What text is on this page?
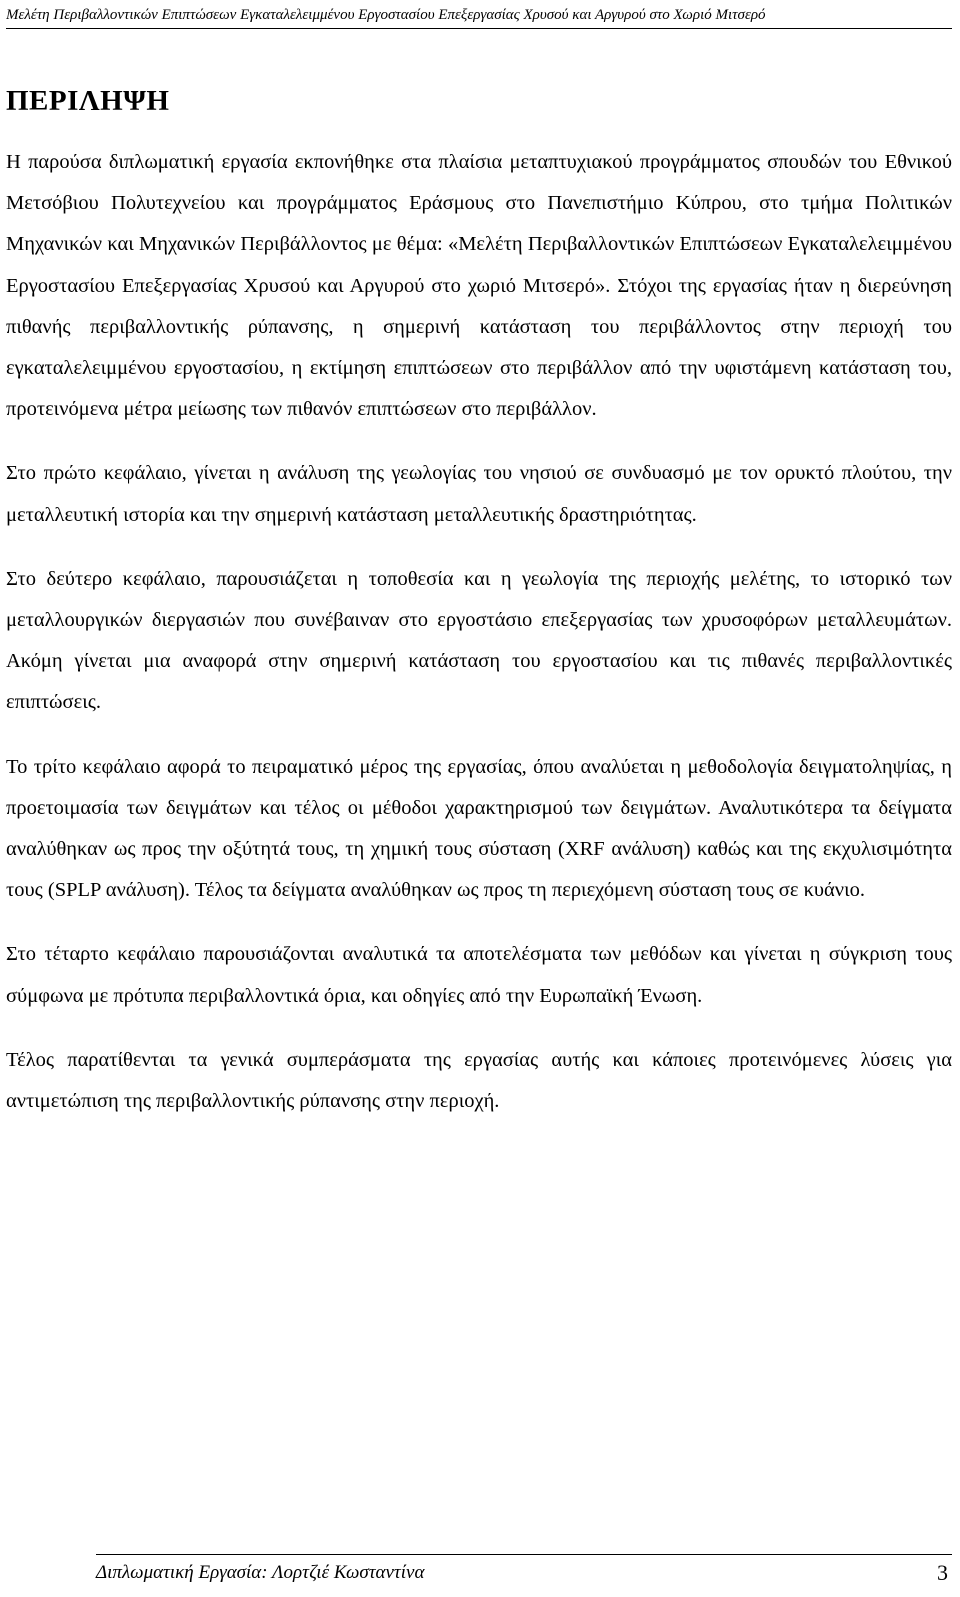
Μελέτη Περιβαλλοντικών Επιπτώσεων Εγκαταλελειμμένου Εργοστασίου Επεξεργασίας Χρυσού και Αργυρού στο Χωριό Μιτσερό
ΠΕΡΙΛΗΨΗ

Η παρούσα διπλωματική εργασία εκπονήθηκε στα πλαίσια μεταπτυχιακού προγράμματος σπουδών του Εθνικού Μετσόβιου Πολυτεχνείου και προγράμματος Εράσμους στο Πανεπιστήμιο Κύπρου, στο τμήμα Πολιτικών Μηχανικών και Μηχανικών Περιβάλλοντος με θέμα: «Μελέτη Περιβαλλοντικών Επιπτώσεων Εγκαταλελειμμένου Εργοστασίου Επεξεργασίας Χρυσού και Αργυρού στο χωριό Μιτσερό». Στόχοι της εργασίας ήταν η διερεύνηση πιθανής περιβαλλοντικής ρύπανσης, η σημερινή κατάσταση του περιβάλλοντος στην περιοχή του εγκαταλελειμμένου εργοστασίου, η εκτίμηση επιπτώσεων στο περιβάλλον από την υφιστάμενη κατάσταση του, προτεινόμενα μέτρα μείωσης των πιθανόν επιπτώσεων στο περιβάλλον.

Στο πρώτο κεφάλαιο, γίνεται η ανάλυση της γεωλογίας του νησιού σε συνδυασμό με τον ορυκτό πλούτου, την μεταλλευτική ιστορία και την σημερινή κατάσταση μεταλλευτικής δραστηριότητας.

Στο δεύτερο κεφάλαιο, παρουσιάζεται η τοποθεσία και η γεωλογία της περιοχής μελέτης, το ιστορικό των μεταλλουργικών διεργασιών που συνέβαιναν στο εργοστάσιο επεξεργασίας των χρυσοφόρων μεταλλευμάτων. Ακόμη γίνεται μια αναφορά στην σημερινή κατάσταση του εργοστασίου και τις πιθανές περιβαλλοντικές επιπτώσεις.

Το τρίτο κεφάλαιο αφορά το πειραματικό μέρος της εργασίας, όπου αναλύεται η μεθοδολογία δειγματοληψίας, η προετοιμασία των δειγμάτων και τέλος οι μέθοδοι χαρακτηρισμού των δειγμάτων. Αναλυτικότερα τα δείγματα αναλύθηκαν ως προς την οξύτητά τους, τη χημική τους σύσταση (XRF ανάλυση) καθώς και της εκχυλισιμότητα τους (SPLP ανάλυση). Τέλος τα δείγματα αναλύθηκαν ως προς τη περιεχόμενη σύσταση τους σε κυάνιο.

Στο τέταρτο κεφάλαιο παρουσιάζονται αναλυτικά τα αποτελέσματα των μεθόδων και γίνεται η σύγκριση τους σύμφωνα με πρότυπα περιβαλλοντικά όρια, και οδηγίες από την Ευρωπαϊκή Ένωση.

Τέλος παρατίθενται τα γενικά συμπεράσματα της εργασίας αυτής και κάποιες προτεινόμενες λύσεις για αντιμετώπιση της περιβαλλοντικής ρύπανσης στην περιοχή.

Διπλωματική Εργασία: Λορτζιέ Κωσταντίνα	3
